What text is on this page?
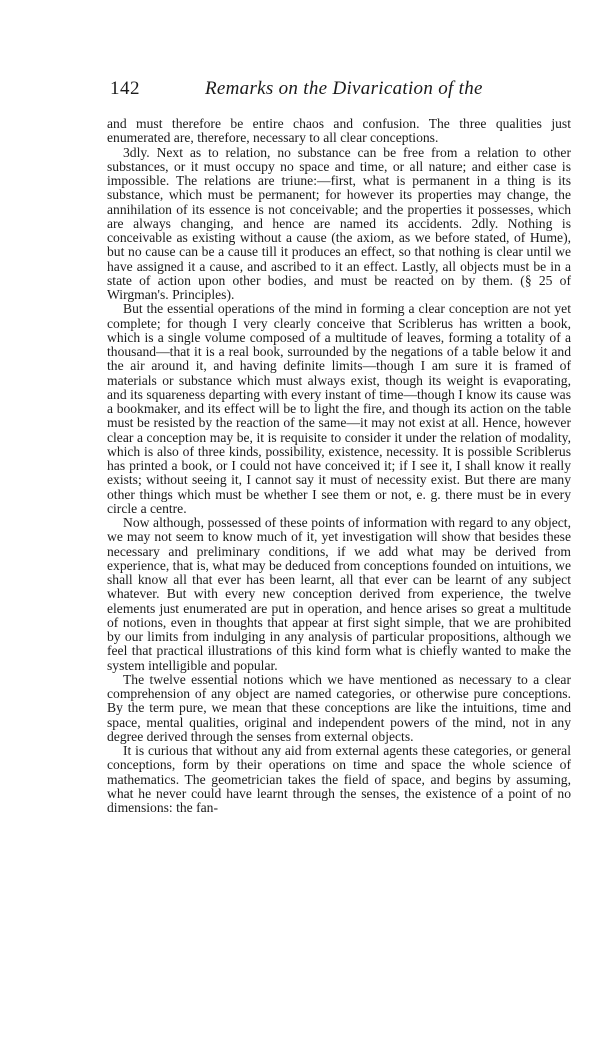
142	Remarks on the Divarication of the

and must therefore be entire chaos and confusion. The three qualities just enumerated are, therefore, necessary to all clear conceptions.

3dly. Next as to relation, no substance can be free from a relation to other substances, or it must occupy no space and time, or all nature; and either case is impossible. The relations are triune:—first, what is permanent in a thing is its substance, which must be permanent; for however its properties may change, the annihilation of its essence is not conceivable; and the properties it possesses, which are always changing, and hence are named its accidents. 2dly. Nothing is conceivable as existing without a cause (the axiom, as we before stated, of Hume), but no cause can be a cause till it produces an effect, so that nothing is clear until we have assigned it a cause, and ascribed to it an effect. Lastly, all objects must be in a state of action upon other bodies, and must be reacted on by them. (§ 25 of Wirgman's. Principles).

But the essential operations of the mind in forming a clear conception are not yet complete; for though I very clearly conceive that Scriblerus has written a book, which is a single volume composed of a multitude of leaves, forming a totality of a thousand—that it is a real book, surrounded by the negations of a table below it and the air around it, and having definite limits—though I am sure it is framed of materials or substance which must always exist, though its weight is evaporating, and its squareness departing with every instant of time—though I know its cause was a bookmaker, and its effect will be to light the fire, and though its action on the table must be resisted by the reaction of the same—it may not exist at all. Hence, however clear a conception may be, it is requisite to consider it under the relation of modality, which is also of three kinds, possibility, existence, necessity. It is possible Scriblerus has printed a book, or I could not have conceived it; if I see it, I shall know it really exists; without seeing it, I cannot say it must of necessity exist. But there are many other things which must be whether I see them or not, e. g. there must be in every circle a centre.

Now although, possessed of these points of information with regard to any object, we may not seem to know much of it, yet investigation will show that besides these necessary and preliminary conditions, if we add what may be derived from experience, that is, what may be deduced from conceptions founded on intuitions, we shall know all that ever has been learnt, all that ever can be learnt of any subject whatever. But with every new conception derived from experience, the twelve elements just enumerated are put in operation, and hence arises so great a multitude of notions, even in thoughts that appear at first sight simple, that we are prohibited by our limits from indulging in any analysis of particular propositions, although we feel that practical illustrations of this kind form what is chiefly wanted to make the system intelligible and popular.

The twelve essential notions which we have mentioned as necessary to a clear comprehension of any object are named categories, or otherwise pure conceptions. By the term pure, we mean that these conceptions are like the intuitions, time and space, mental qualities, original and independent powers of the mind, not in any degree derived through the senses from external objects.

It is curious that without any aid from external agents these categories, or general conceptions, form by their operations on time and space the whole science of mathematics. The geometrician takes the field of space, and begins by assuming, what he never could have learnt through the senses, the existence of a point of no dimensions: the fan-
